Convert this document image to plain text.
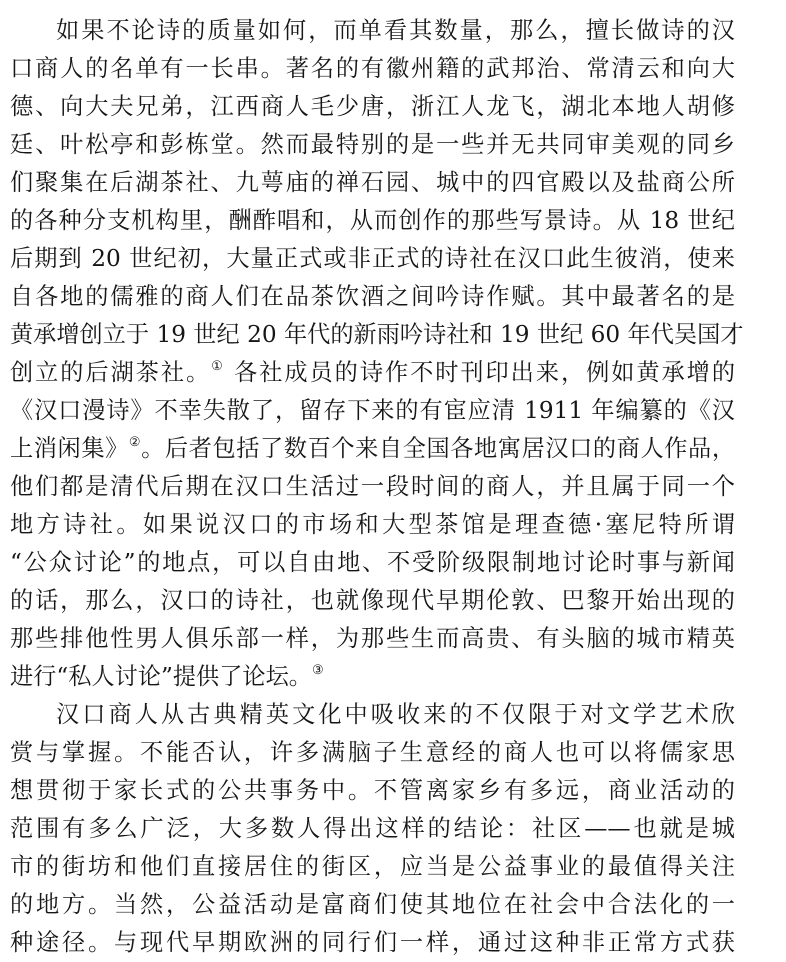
如果不论诗的质量如何，而单看其数量，那么，擅长做诗的汉
口商人的名单有一长串。著名的有徽州籍的武邦治、常清云和向大
德、向大夫兄弟，江西商人毛少唐，浙江人龙飞，湖北本地人胡修
廷、叶松亭和彭栋堂。然而最特别的是一些并无共同审美观的同乡
们聚集在后湖茶社、九萼庙的禅石园、城中的四官殿以及盐商公所
的各种分支机构里，酬酢唱和，从而创作的那些写景诗。从 18 世纪
后期到 20 世纪初，大量正式或非正式的诗社在汉口此生彼消，使来
自各地的儒雅的商人们在品茶饮酒之间吟诗作赋。其中最著名的是
黄承增创立于 19 世纪 20 年代的新雨吟诗社和 19 世纪 60 年代吴国才
创立的后湖茶社。① 各社成员的诗作不时刊印出来，例如黄承增的
《汉口漫诗》不幸失散了，留存下来的有宦应清 1911 年编纂的《汉
上消闲集》②。后者包括了数百个来自全国各地寓居汉口的商人作品，
他们都是清代后期在汉口生活过一段时间的商人，并且属于同一个
地方诗社。如果说汉口的市场和大型茶馆是理查德·塞尼特所谓
“公众讨论”的地点，可以自由地、不受阶级限制地讨论时事与新闻
的话，那么，汉口的诗社，也就像现代早期伦敦、巴黎开始出现的
那些排他性男人俱乐部一样，为那些生而高贵、有头脑的城市精英
进行“私人讨论”提供了论坛。③
汉口商人从古典精英文化中吸收来的不仅限于对文学艺术欣
赏与掌握。不能否认，许多满脑子生意经的商人也可以将儒家思
想贯彻于家长式的公共事务中。不管离家乡有多远，商业活动的
范围有多么广泛，大多数人得出这样的结论：社区——也就是城
市的街坊和他们直接居住的街区，应当是公益事业的最值得关注
的地方。当然，公益活动是富商们使其地位在社会中合法化的一
种途径。与现代早期欧洲的同行们一样，通过这种非正常方式获
